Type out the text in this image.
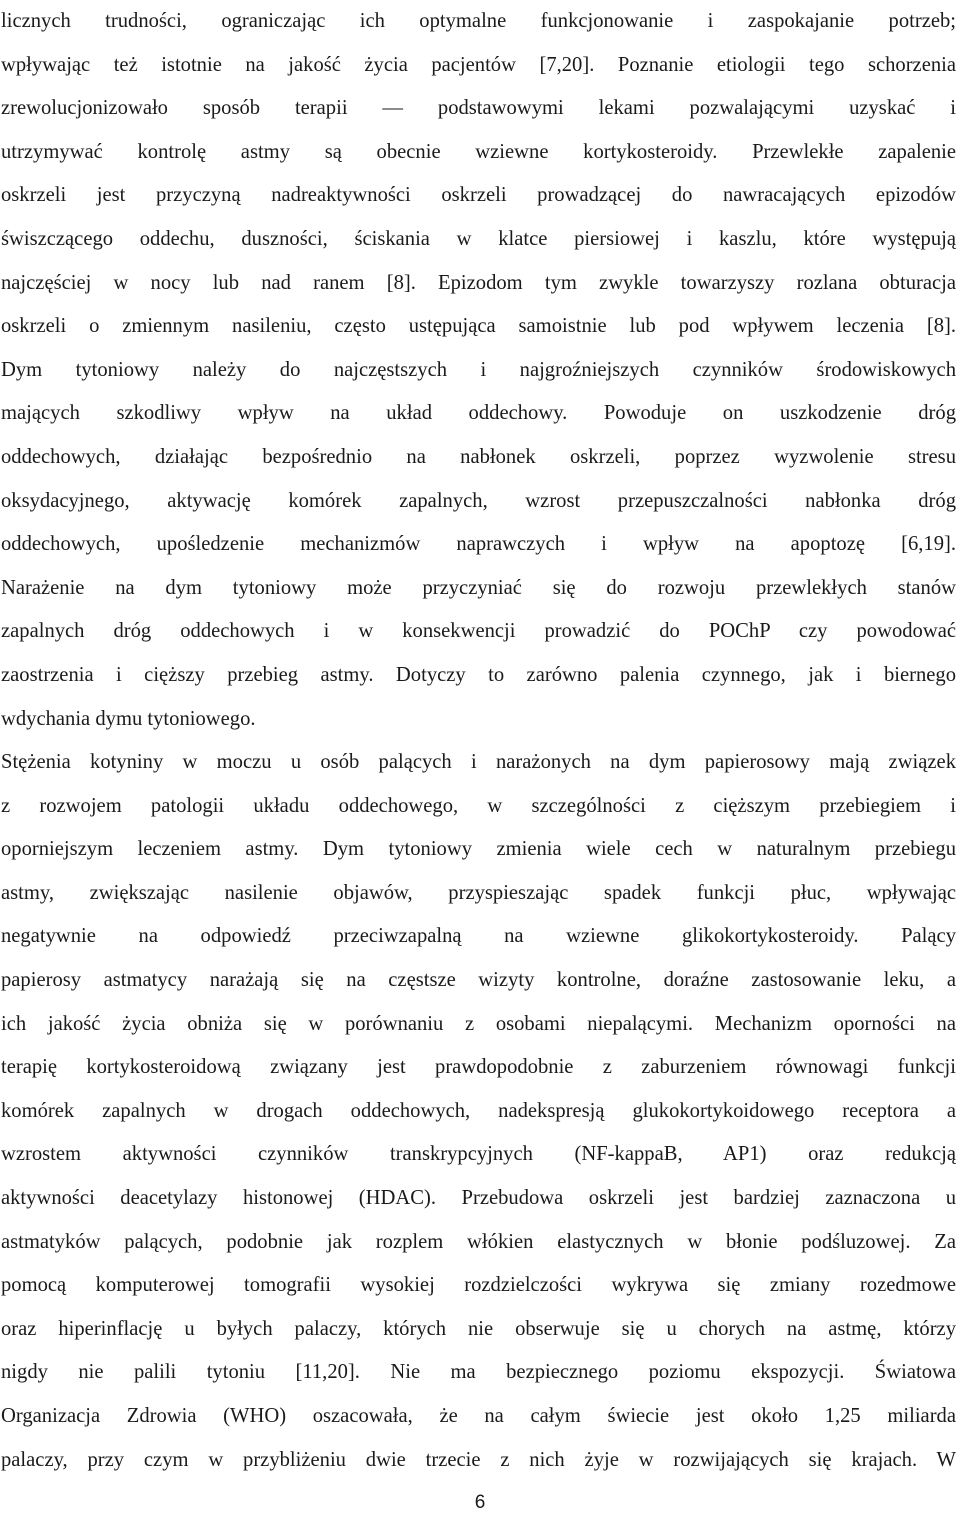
licznych trudności, ograniczając ich optymalne funkcjonowanie i zaspokajanie potrzeb;
wpływając też istotnie na jakość życia pacjentów [7,20]. Poznanie etiologii tego schorzenia
zrewolucjonizowało sposób terapii — podstawowymi lekami pozwalającymi uzyskać i
utrzymywać kontrolę astmy są obecnie wziewne kortykosteroidy. Przewlekłe zapalenie
oskrzeli jest przyczyną nadreaktywności oskrzeli prowadzącej do nawracających epizodów
świszczącego oddechu, duszności, ściskania w klatce piersiowej i kaszlu, które występują
najczęściej w nocy lub nad ranem [8]. Epizodom tym zwykle towarzyszy rozlana obturacja
oskrzeli o zmiennym nasileniu, często ustępująca samoistnie lub pod wpływem leczenia [8].
Dym tytoniowy należy do najczęstszych i najgroźniejszych czynników środowiskowych
mających szkodliwy wpływ na układ oddechowy. Powoduje on uszkodzenie dróg
oddechowych, działając bezpośrednio na nabłonek oskrzeli, poprzez wyzwolenie stresu
oksydacyjnego, aktywację komórek zapalnych, wzrost przepuszczalności nabłonka dróg
oddechowych, upośledzenie mechanizmów naprawczych i wpływ na apoptozę [6,19].
Narażenie na dym tytoniowy może przyczyniać się do rozwoju przewlekłych stanów
zapalnych dróg oddechowych i w konsekwencji prowadzić do POChP czy powodować
zaostrzenia i cięższy przebieg astmy. Dotyczy to zarówno palenia czynnego, jak i biernego
wdychania dymu tytoniowego.
Stężenia kotyniny w moczu u osób palących i narażonych na dym papierosowy mają związek
z rozwojem patologii układu oddechowego, w szczególności z cięższym przebiegiem i
oporniejszym leczeniem astmy. Dym tytoniowy zmienia wiele cech w naturalnym przebiegu
astmy, zwiększając nasilenie objawów, przyspieszając spadek funkcji płuc, wpływając
negatywnie na odpowiedź przeciwzapalną na wziewne glikokortykosteroidy. Palący
papierosy astmatycy narażają się na częstsze wizyty kontrolne, doraźne zastosowanie leku, a
ich jakość życia obniża się w porównaniu z osobami niepalącymi. Mechanizm oporności na
terapię kortykosteroidową związany jest prawdopodobnie z zaburzeniem równowagi funkcji
komórek zapalnych w drogach oddechowych, nadekspresją glukokortykoidowego receptora a
wzrostem aktywności czynników transkrypcyjnych (NF-kappaB, AP1) oraz redukcją
aktywności deacetylazy histonowej (HDAC). Przebudowa oskrzeli jest bardziej zaznaczona u
astmatyków palących, podobnie jak rozplem włókien elastycznych w błonie podśluzowej. Za
pomocą komputerowej tomografii wysokiej rozdzielczości wykrywa się zmiany rozedmowe
oraz hiperinflację u byłych palaczy, których nie obserwuje się u chorych na astmę, którzy
nigdy nie palili tytoniu [11,20]. Nie ma bezpiecznego poziomu ekspozycji. Światowa
Organizacja Zdrowia (WHO) oszacowała, że na całym świecie jest około 1,25 miliarda
palaczy, przy czym w przybliżeniu dwie trzecie z nich żyje w rozwijających się krajach. W
6
